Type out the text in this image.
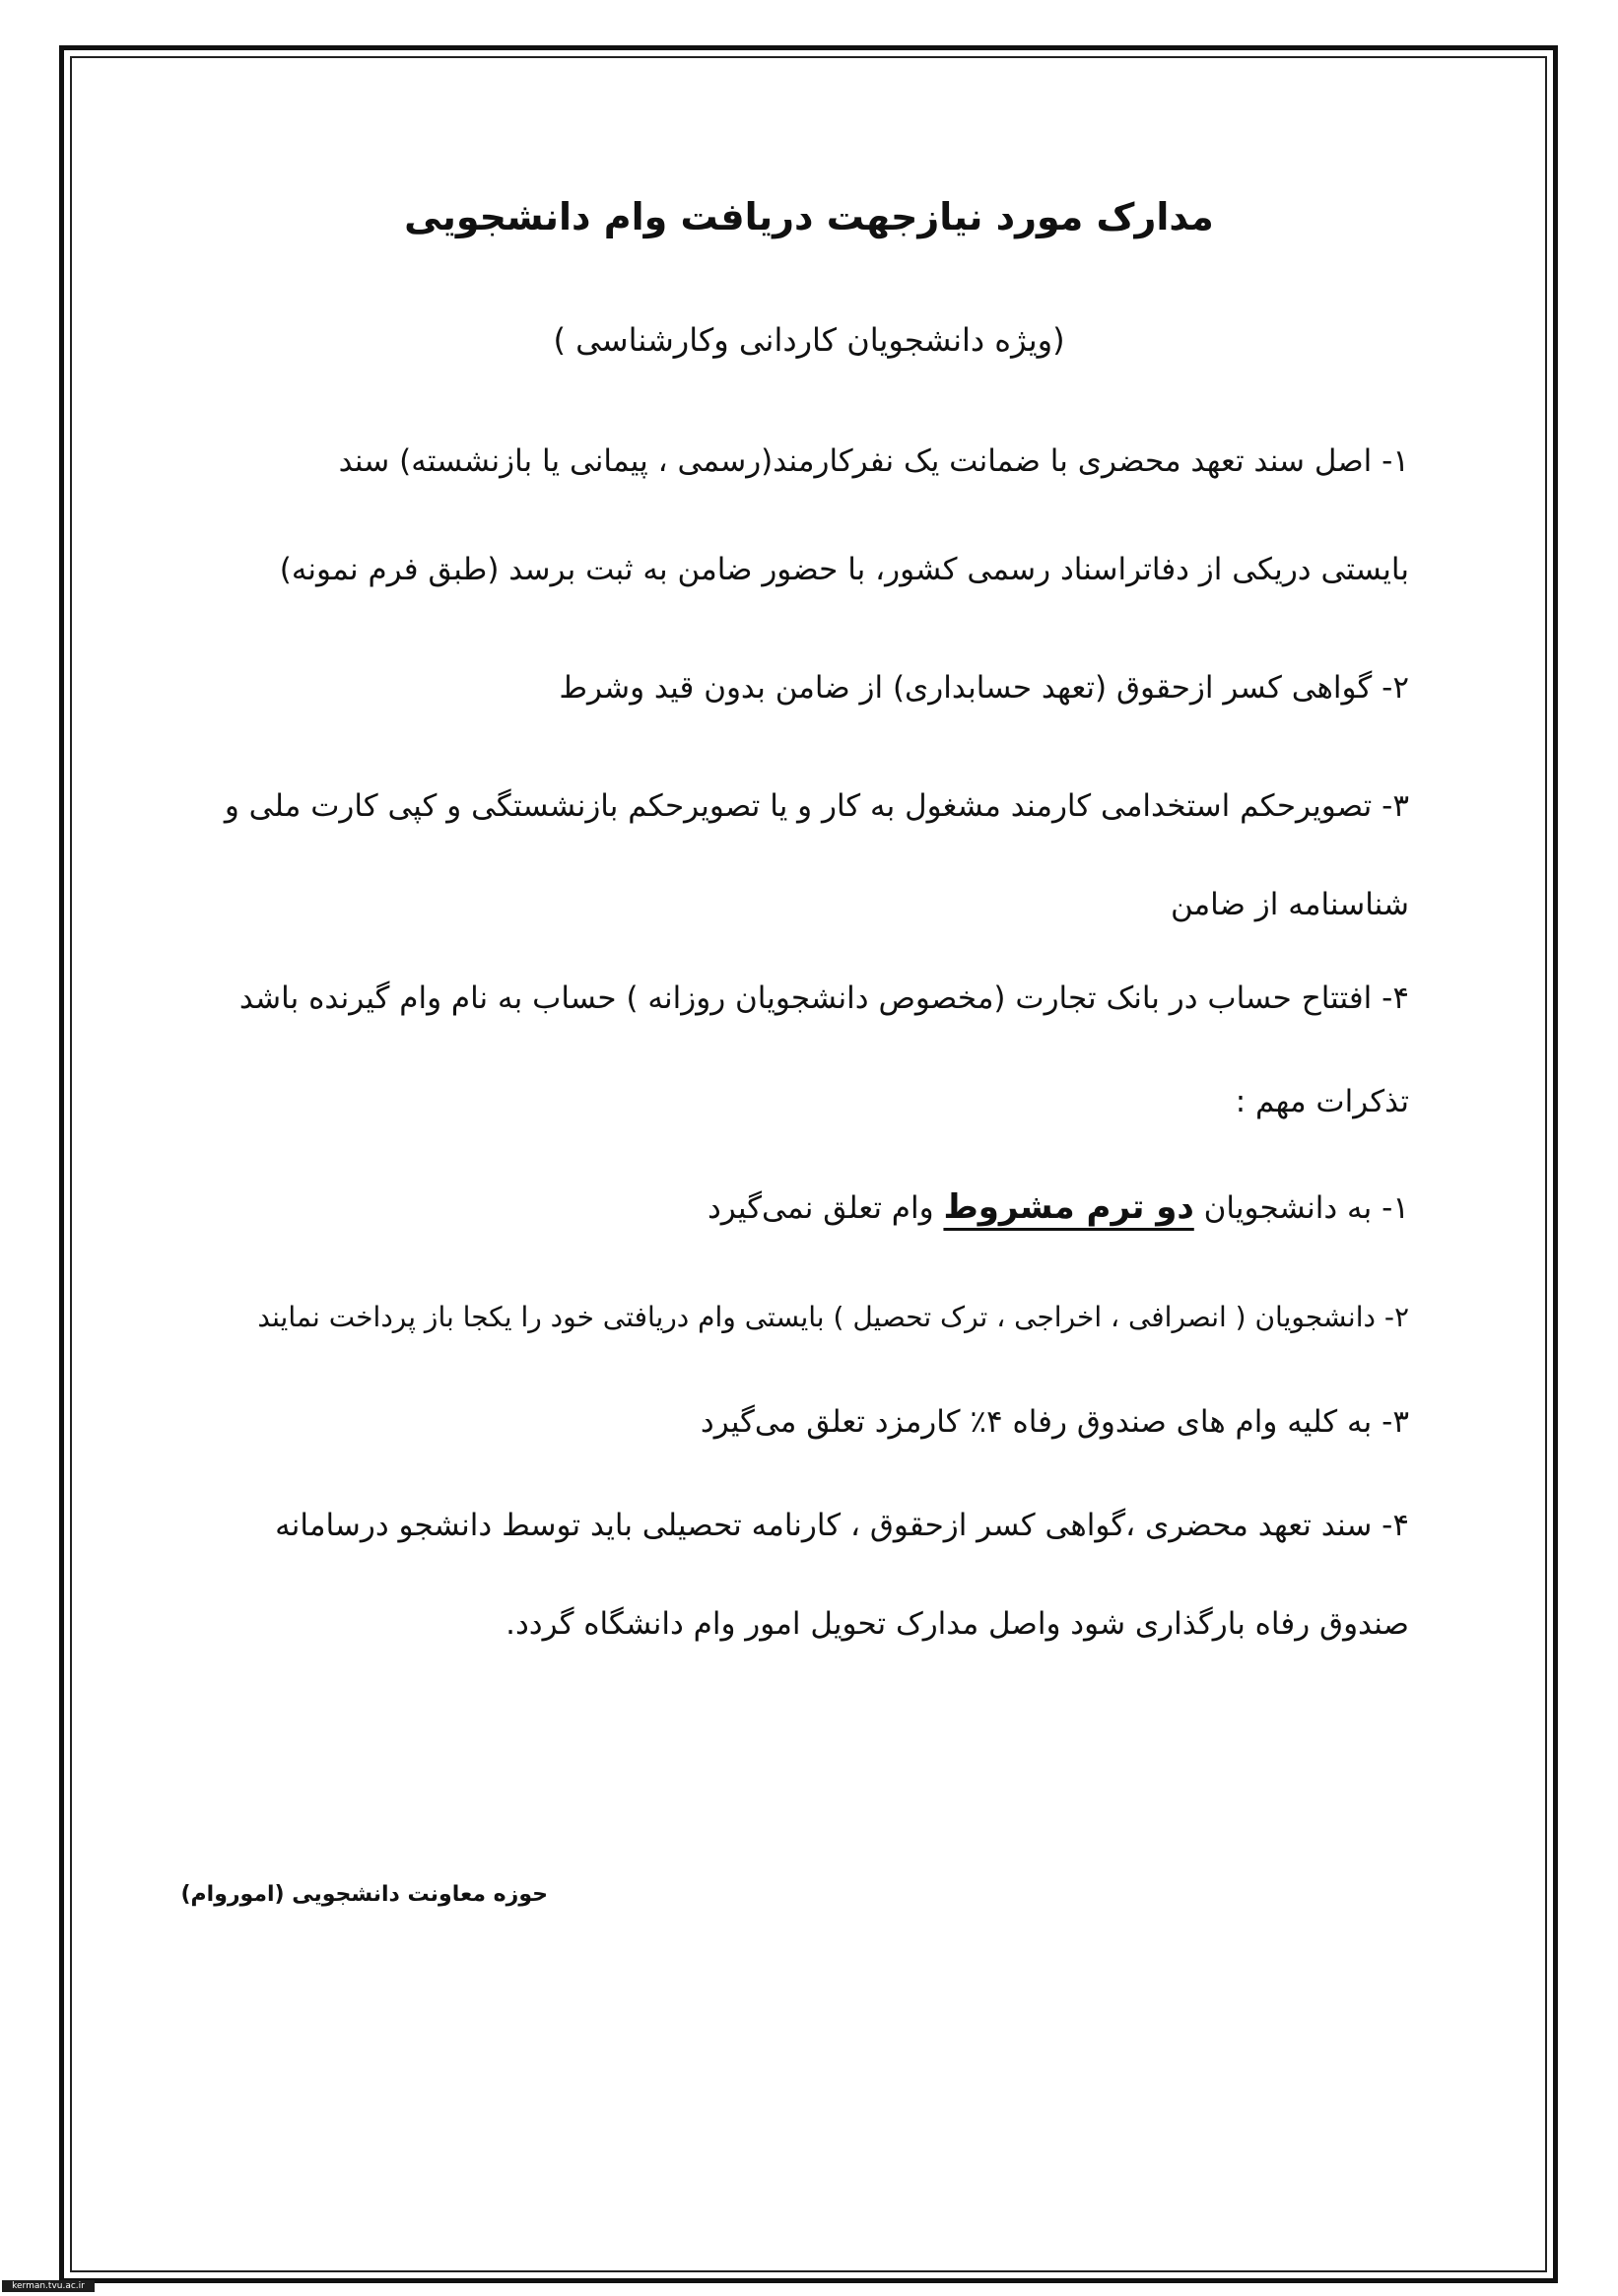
مدارک مورد نیازجهت دریافت وام دانشجویی
(ویژه دانشجویان کاردانی وکارشناسی )
۱- اصل سند تعهد محضری با ضمانت یک نفرکارمند(رسمی ، پیمانی یا بازنشسته) سند
بایستی دریکی از دفاتراسناد رسمی کشور، با حضور ضامن به ثبت برسد (طبق فرم نمونه)
۲- گواهی کسر ازحقوق (تعهد حسابداری) از ضامن بدون قید وشرط
۳- تصویرحکم استخدامی کارمند مشغول به کار و یا تصویرحکم بازنشستگی و کپی کارت ملی و
شناسنامه از ضامن
۴- افتتاح حساب در بانک تجارت (مخصوص دانشجویان روزانه ) حساب به نام وام گیرنده باشد
تذکرات مهم :
۱- به دانشجویان دو ترم مشروط وام تعلق نمی‌گیرد
۲- دانشجویان ( انصرافی ، اخراجی ، ترک تحصیل ) بایستی وام دریافتی خود را یکجا باز پرداخت نمایند
۳- به کلیه وام های صندوق رفاه ۴٪ کارمزد تعلق می‌گیرد
۴- سند تعهد محضری ،گواهی کسر ازحقوق ، کارنامه تحصیلی باید توسط دانشجو درسامانه
صندوق رفاه بارگذاری شود واصل مدارک تحویل امور وام دانشگاه گردد.
حوزه معاونت دانشجویی (اموروام)
kerman.tvu.ac.ir
